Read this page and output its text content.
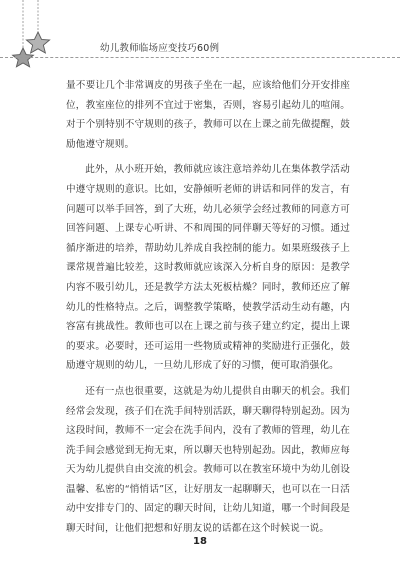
幼儿教师临场应变技巧60例

量不要让几个非常调皮的男孩子坐在一起，应该给他们分开安排座位，教室座位的排列不宜过于密集，否则，容易引起幼儿的喧闹。对于个别特别不守规则的孩子，教师可以在上课之前先做提醒，鼓励他遵守规则。

此外，从小班开始，教师就应该注意培养幼儿在集体教学活动中遵守规则的意识。比如，安静倾听老师的讲话和同伴的发言，有问题可以举手回答，到了大班，幼儿必须学会经过教师的同意方可回答问题、上课专心听讲、不和周围的同伴聊天等好的习惯。通过循序渐进的培养，帮助幼儿养成自我控制的能力。如果班级孩子上课常规普遍比较差，这时教师就应该深入分析自身的原因：是教学内容不吸引幼儿，还是教学方法太死板枯燥？同时，教师还应了解幼儿的性格特点。之后，调整教学策略，使教学活动生动有趣，内容富有挑战性。教师也可以在上课之前与孩子建立约定，提出上课的要求。必要时，还可运用一些物质或精神的奖励进行正强化，鼓励遵守规则的幼儿，一旦幼儿形成了好的习惯，便可取消强化。

还有一点也很重要，这就是为幼儿提供自由聊天的机会。我们经常会发现，孩子们在洗手间特别活跃，聊天聊得特别起劲。因为这段时间，教师不一定会在洗手间内，没有了教师的管理，幼儿在洗手间会感觉到无拘无束，所以聊天也特别起劲。因此，教师应每天为幼儿提供自由交流的机会。教师可以在教室环境中为幼儿创设温馨、私密的“悄悄话”区，让好朋友一起聊聊天，也可以在一日活动中安排专门的、固定的聊天时间，让幼儿知道，哪一个时间段是聊天时间，让他们把想和好朋友说的话都在这个时候说一说。

18
